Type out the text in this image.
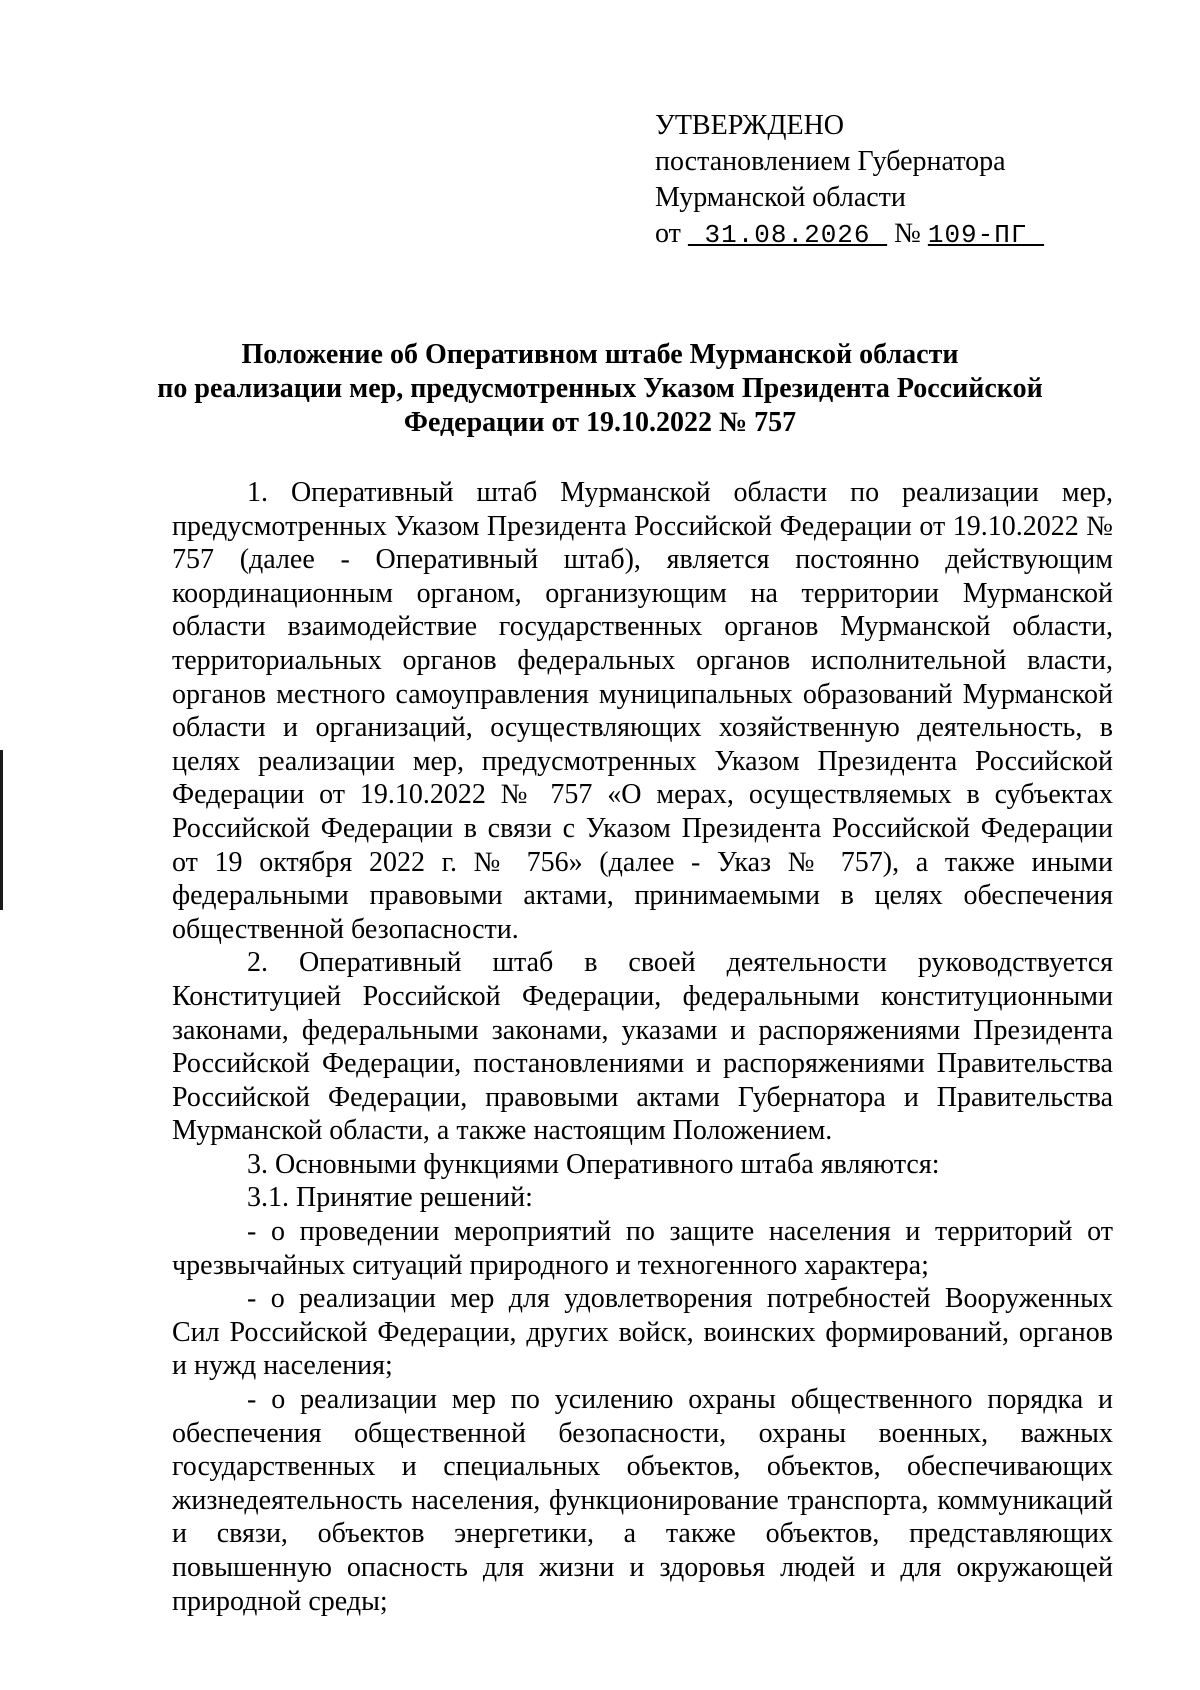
УТВЕРЖДЕНО
постановлением Губернатора
Мурманской области
от 31.08.2026 № 109-ПГ
Положение об Оперативном штабе Мурманской области
по реализации мер, предусмотренных Указом Президента Российской
Федерации от 19.10.2022 № 757

1. Оперативный штаб Мурманской области по реализации мер, предусмотренных Указом Президента Российской Федерации от 19.10.2022 № 757 (далее - Оперативный штаб), является постоянно действующим координационным органом, организующим на территории Мурманской области взаимодействие государственных органов Мурманской области, территориальных органов федеральных органов исполнительной власти, органов местного самоуправления муниципальных образований Мурманской области и организаций, осуществляющих хозяйственную деятельность, в целях реализации мер, предусмотренных Указом Президента Российской Федерации от 19.10.2022 № 757 «О мерах, осуществляемых в субъектах Российской Федерации в связи с Указом Президента Российской Федерации от 19 октября 2022 г. № 756» (далее - Указ № 757), а также иными федеральными правовыми актами, принимаемыми в целях обеспечения общественной безопасности.

2. Оперативный штаб в своей деятельности руководствуется Конституцией Российской Федерации, федеральными конституционными законами, федеральными законами, указами и распоряжениями Президента Российской Федерации, постановлениями и распоряжениями Правительства Российской Федерации, правовыми актами Губернатора и Правительства Мурманской области, а также настоящим Положением.

3. Основными функциями Оперативного штаба являются:

3.1. Принятие решений:

- о проведении мероприятий по защите населения и территорий от чрезвычайных ситуаций природного и техногенного характера;

- о реализации мер для удовлетворения потребностей Вооруженных Сил Российской Федерации, других войск, воинских формирований, органов и нужд населения;

- о реализации мер по усилению охраны общественного порядка и обеспечения общественной безопасности, охраны военных, важных государственных и специальных объектов, объектов, обеспечивающих жизнедеятельность населения, функционирование транспорта, коммуникаций и связи, объектов энергетики, а также объектов, представляющих повышенную опасность для жизни и здоровья людей и для окружающей природной среды;
